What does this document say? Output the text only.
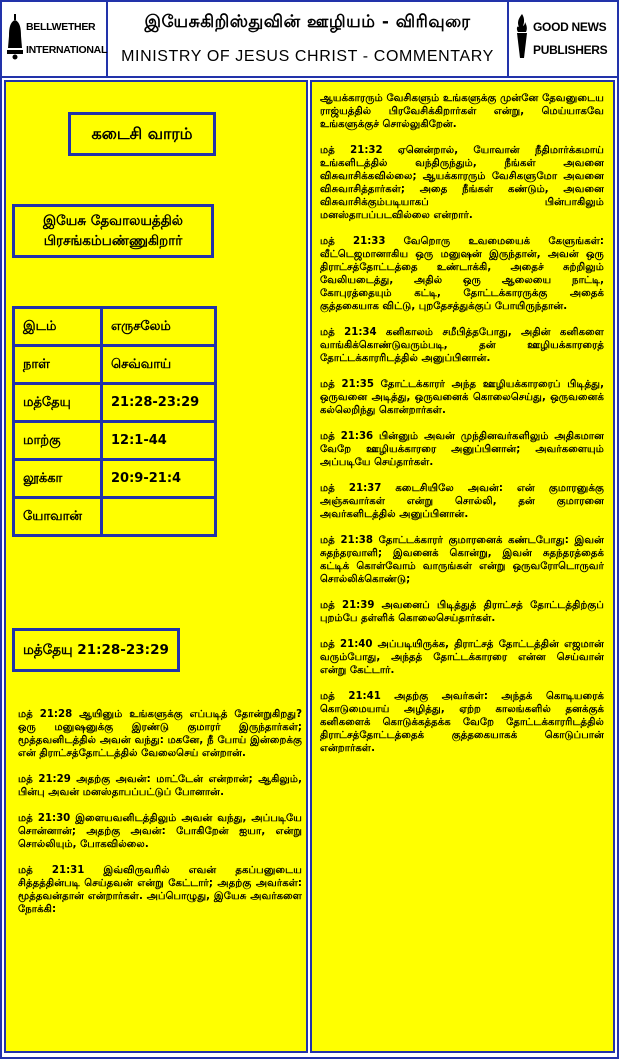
BELLWETHER
INTERNATIONAL
இயேசுகிறிஸ்துவின் ஊழியம் - விரிவுரை
MINISTRY OF JESUS CHRIST - COMMENTARY
GOOD NEWS
PUBLISHERS
கடைசி வாரம்
இயேசு தேவாலயத்தில் பிரசங்கம்பண்ணுகிறார்
இடம்	எருசலேம்
நாள்	செவ்வாய்
மத்தேயு	21:28-23:29
மாற்கு	12:1-44
லூக்கா	20:9-21:4
யோவான்	
மத்தேயு 21:28-23:29

மத் 21:28 ஆயினும் உங்களுக்கு எப்படித் தோன்றுகிறது? ஒரு மனுஷனுக்கு இரண்டு குமாரர் இருந்தார்கள்; மூத்தவனிடத்தில் அவன் வந்து: மகனே, நீ போய் இன்றைக்கு என் திராட்சத்தோட்டத்தில் வேலைசெய் என்றான்.

மத் 21:29 அதற்கு அவன்: மாட்டேன் என்றான்; ஆகிலும், பின்பு அவன் மனஸ்தாபப்பட்டுப் போனான்.

மத் 21:30 இளையவனிடத்திலும் அவன் வந்து, அப்படியே சொன்னான்; அதற்கு அவன்: போகிறேன் ஐயா, என்று சொல்லியும், போகவில்லை.

மத் 21:31 இவ்விருவரில் எவன் தகப்பனுடைய சித்தத்தின்படி செய்தவன் என்று கேட்டார்; அதற்கு அவர்கள்: மூத்தவன்தான் என்றார்கள். அப்பொழுது, இயேசு அவர்களை நோக்கி:

ஆயக்காரரும் வேசிகளும் உங்களுக்கு முன்னே தேவனுடைய ராஜ்யத்தில் பிரவேசிக்கிறார்கள் என்று, மெய்யாகவே உங்களுக்குச் சொல்லுகிறேன்.

மத் 21:32 ஏனென்றால், யோவான் நீதிமார்க்கமாய் உங்களிடத்தில் வந்திருந்தும், நீங்கள் அவனை விசுவாசிக்கவில்லை; ஆயக்காரரும் வேசிகளுமோ அவனை விசுவாசித்தார்கள்; அதை நீங்கள் கண்டும், அவனை விசுவாசிக்கும்படியாகப் பின்பாகிலும் மனஸ்தாபப்படவில்லை என்றார்.

மத் 21:33 வேறொரு உவமையைக் கேளுங்கள்: வீட்டெஜமானாகிய ஒரு மனுஷன் இருந்தான், அவன் ஒரு திராட்சத்தோட்டத்தை உண்டாக்கி, அதைச் சுற்றிலும் வேலியடைத்து, அதில் ஒரு ஆலையை நாட்டி, கோபுரத்தையும் கட்டி, தோட்டக்காரருக்கு அதைக் குத்தகையாக விட்டு, புறதேசத்துக்குப் போயிருந்தான்.

மத் 21:34 கனிகாலம் சமீபித்தபோது, அதின் கனிகளை வாங்கிக்கொண்டுவரும்படி, தன் ஊழியக்காரரைத் தோட்டக்காரரிடத்தில் அனுப்பினான்.

மத் 21:35 தோட்டக்காரர் அந்த ஊழியக்காரரைப் பிடித்து, ஒருவனை அடித்து, ஒருவனைக் கொலைசெய்து, ஒருவனைக் கல்லெறிந்து கொன்றார்கள்.

மத் 21:36 பின்னும் அவன் முந்தினவர்களிலும் அதிகமான வேறே ஊழியக்காரரை அனுப்பினான்; அவர்களையும் அப்படியே செய்தார்கள்.

மத் 21:37 கடைசியிலே அவன்: என் குமாரனுக்கு அஞ்சுவார்கள் என்று சொல்லி, தன் குமாரனை அவர்களிடத்தில் அனுப்பினான்.

மத் 21:38 தோட்டக்காரர் குமாரனைக் கண்டபோது: இவன் சுதந்தரவாளி; இவனைக் கொன்று, இவன் சுதந்தரத்தைக் கட்டிக் கொள்வோம் வாருங்கள் என்று ஒருவரோடொருவர் சொல்லிக்கொண்டு;

மத் 21:39 அவனைப் பிடித்துத் திராட்சத் தோட்டத்திற்குப் புறம்பே தள்ளிக் கொலைசெய்தார்கள்.

மத் 21:40 அப்படியிருக்க, திராட்சத் தோட்டத்தின் எஜமான் வரும்போது, அந்தத் தோட்டக்காரரை என்ன செய்வான் என்று கேட்டார்.

மத் 21:41 அதற்கு அவர்கள்: அந்தக் கொடியரைக் கொடுமையாய் அழித்து, ஏற்ற காலங்களில் தனக்குக் கனிகளைக் கொடுக்கத்தக்க வேறே தோட்டக்காரரிடத்தில் திராட்சத்தோட்டத்தைக் குத்தகையாகக் கொடுப்பான் என்றார்கள்.
